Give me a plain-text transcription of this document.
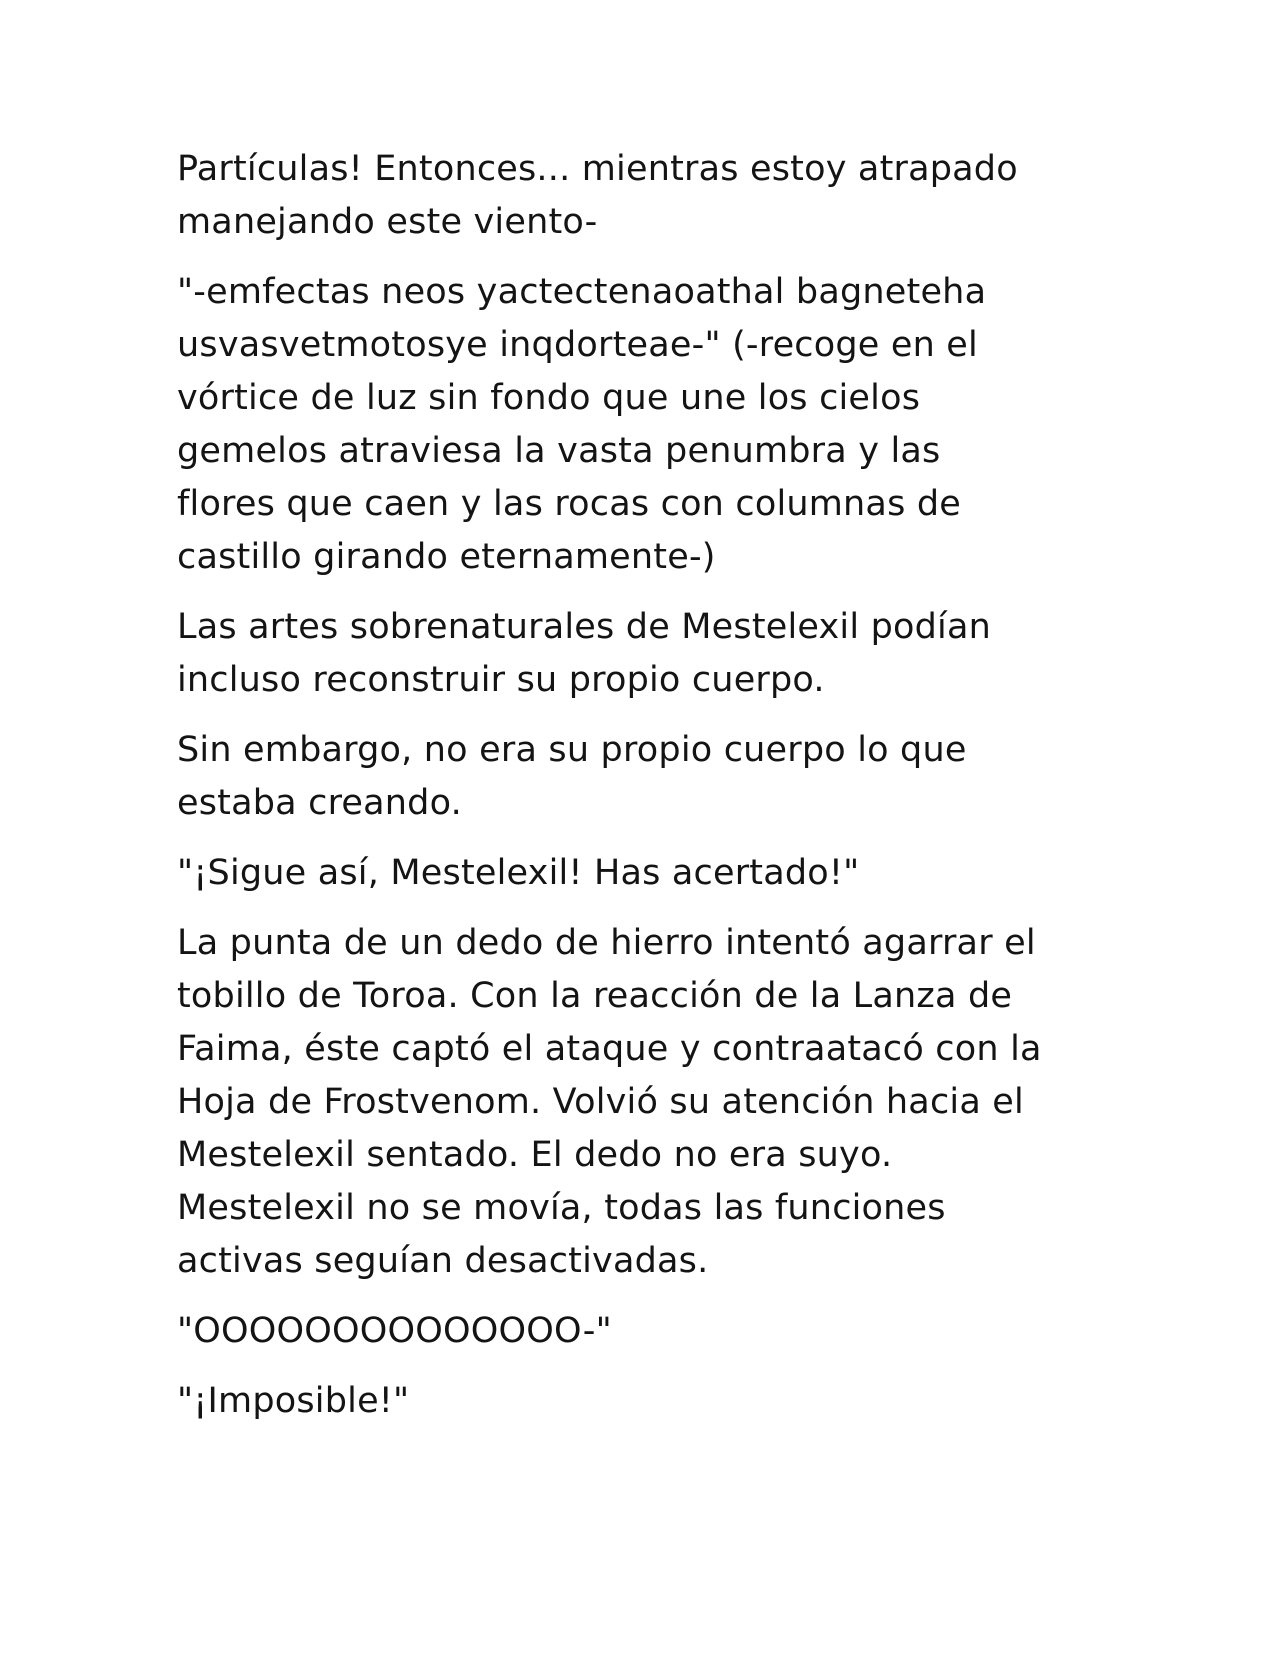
Partículas! Entonces... mientras estoy atrapado
manejando este viento-

"-emfectas neos yactectenaoathal bagneteha
usvasvetmotosye inqdorteae-" (-recoge en el
vórtice de luz sin fondo que une los cielos
gemelos atraviesa la vasta penumbra y las
flores que caen y las rocas con columnas de
castillo girando eternamente-)

Las artes sobrenaturales de Mestelexil podían
incluso reconstruir su propio cuerpo.

Sin embargo, no era su propio cuerpo lo que
estaba creando.

"¡Sigue así, Mestelexil! Has acertado!"

La punta de un dedo de hierro intentó agarrar el
tobillo de Toroa. Con la reacción de la Lanza de
Faima, éste captó el ataque y contraatacó con la
Hoja de Frostvenom. Volvió su atención hacia el
Mestelexil sentado. El dedo no era suyo.
Mestelexil no se movía, todas las funciones
activas seguían desactivadas.

"OOOOOOOOOOOOOO-"

"¡Imposible!"
